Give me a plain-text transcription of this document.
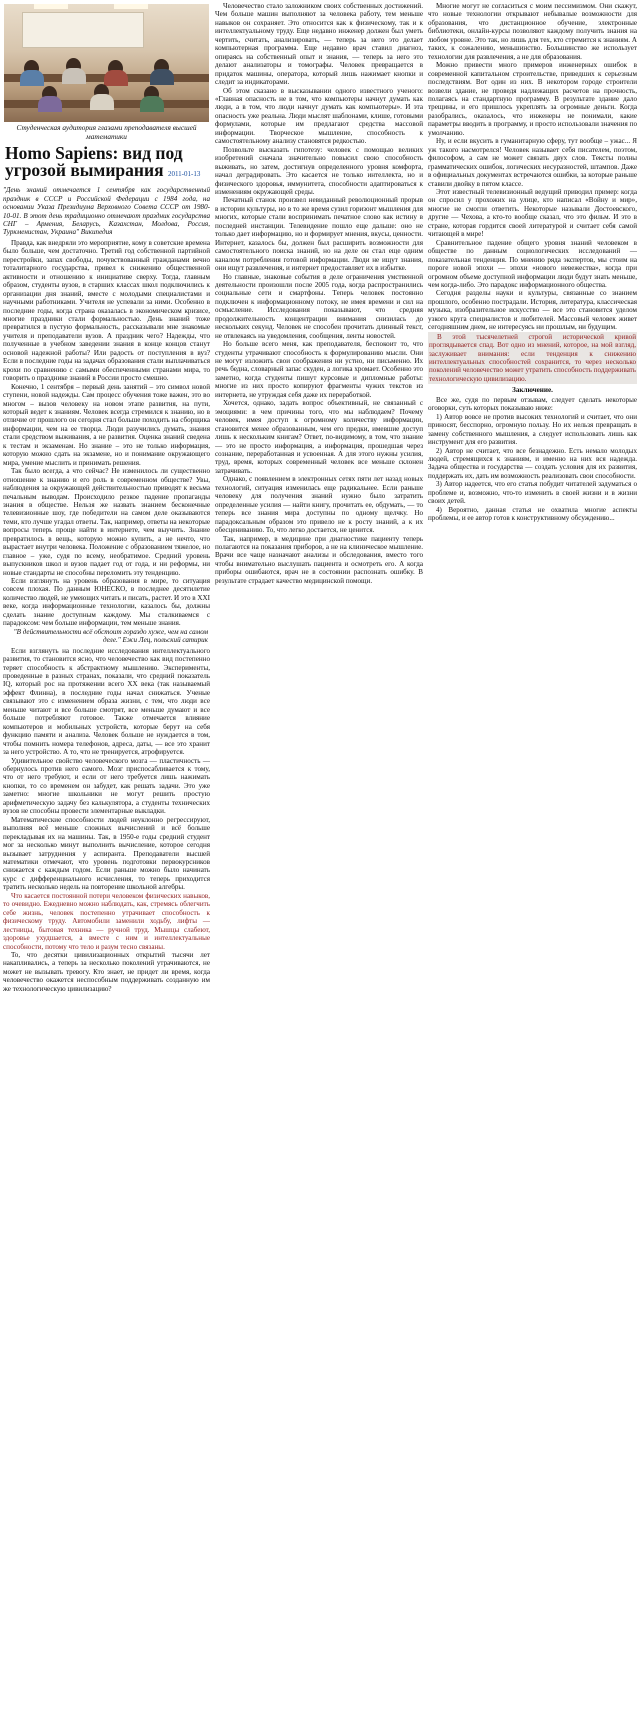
Студенческая аудитория глазами преподавателя высшей математики
Homo Sapiens: вид под угрозой вымирания 2011-01-13

"День знаний отмечается 1 сентября как государственный праздник в СССР и Российской Федерации с 1984 года, на основании Указа Президиума Верховного Совета СССР от 1980-10-01. В этот день традиционно отмечают праздник государства СНГ – Армения, Беларусь, Казахстан, Молдова, Россия, Туркменистан, Украина" Википедия

Правда, как внедряли это мероприятие, кому в советские времена было больше, чем достаточно. Третий год собственной партийной перестройки, запах свободы, почувствованный гражданами вечно тоталитарного государства, привел к снижению общественной активности и отношению к инициативе сверху. Тогда, главным образом, студенты вузов, в старших классах школ подключились к организации дня знаний, вместе с молодыми специалистами и научными работниками. Учителя не успевали за ними. Особенно в последние годы, когда страна оказалась в экономическом кризисе, многие праздники стали формальностью. День знаний тоже превратился в пустую формальность, рассказывали мне знакомые учителя и преподаватели вузов. А праздник чего? Надежды, что полученные в учебном заведении знания в конце концов станут основой надежной работы? Или радость от поступления в вуз? Если в последние годы на задачах образования стали выплачиваться крохи по сравнению с самыми обеспеченными странами мира, то говорить о празднике знаний в России просто смешно.

Конечно, 1 сентября – первый день занятий – это символ новой ступени, новой надежды. Сам процесс обучения тоже важен, это во многом – вызов человеку на новом этапе развития, на пути, который ведет к знаниям. Человек всегда стремился к знанию, но в отличие от прошлого он сегодня стал больше походить на сборщика информации, чем на ее творца. Люди разучились думать, знания стали средством выживания, а не развития. Оценка знаний сведена к тестам и экзаменам. Но знание – это не только информация, которую можно сдать на экзамене, но и понимание окружающего мира, умение мыслить и принимать решения.

Так было всегда, а что сейчас? Не изменилось ли существенно отношение к знанию и его роль в современном обществе? Увы, наблюдения за окружающей действительностью приводят к весьма печальным выводам. Происходило резкое падение пропаганды знания в обществе. Нельзя же назвать знанием бесконечные телевизионные шоу, где победители на самом деле оказываются теми, кто лучше угадал ответы. Так, например, ответы на некоторые вопросы теперь проще найти в интернете, чем выучить. Знание превратилось в вещь, которую можно купить, а не нечто, что вырастает внутри человека. Положение с образованием тяжелое, но главное – уже, судя по всему, необратимое. Средний уровень выпускников школ и вузов падает год от года, и ни реформы, ни новые стандарты не способны переломить эту тенденцию.

Если взглянуть на уровень образования в мире, то ситуация совсем плохая. По данным ЮНЕСКО, в последнее десятилетие количество людей, не умеющих читать и писать, растет. И это в XXI веке, когда информационные технологии, казалось бы, должны сделать знание доступным каждому. Мы сталкиваемся с парадоксом: чем больше информации, тем меньше знания.

"В действительности всё обстоит гораздо хуже, чем на самом деле." Ежи Лец, польский сатирик

Если взглянуть на последние исследования интеллектуального развития, то становится ясно, что человечество как вид постепенно теряет способность к абстрактному мышлению. Эксперименты, проведенные в разных странах, показали, что средний показатель IQ, который рос на протяжении всего XX века (так называемый эффект Флинна), в последние годы начал снижаться. Ученые связывают это с изменением образа жизни, с тем, что люди все меньше читают и все больше смотрят, все меньше думают и все больше потребляют готовое. Также отмечается влияние компьютеров и мобильных устройств, которые берут на себя функцию памяти и анализа. Человек больше не нуждается в том, чтобы помнить номера телефонов, адреса, даты, — все это хранит за него устройство. А то, что не тренируется, атрофируется.

Удивительное свойство человеческого мозга — пластичность — обернулось против него самого. Мозг приспосабливается к тому, что от него требуют, и если от него требуется лишь нажимать кнопки, то со временем он забудет, как решать задачи. Это уже заметно: многие школьники не могут решить простую арифметическую задачу без калькулятора, а студенты технических вузов не способны провести элементарные выкладки.

Математические способности людей неуклонно регрессируют, выполняя всё меньше сложных вычислений и всё больше перекладывая их на машины. Так, в 1950-е годы средний студент мог за несколько минут выполнить вычисление, которое сегодня вызывает затруднения у аспиранта. Преподаватели высшей математики отмечают, что уровень подготовки первокурсников снижается с каждым годом. Если раньше можно было начинать курс с дифференциального исчисления, то теперь приходится тратить несколько недель на повторение школьной алгебры.

Что касается постоянной потери человеком физических навыков, то очевидно. Ежедневно можно наблюдать, как, стремясь облегчить себе жизнь, человек постепенно утрачивает способность к физическому труду. Автомобили заменили ходьбу, лифты — лестницы, бытовая техника — ручной труд. Мышцы слабеют, здоровье ухудшается, а вместе с ним и интеллектуальные способности, потому что тело и разум тесно связаны.

То, что десятки цивилизационных открытий тысячи лет накапливались, а теперь за несколько поколений утрачиваются, не может не вызывать тревогу. Кто знает, не придет ли время, когда человечество окажется неспособным поддерживать созданную им же технологическую цивилизацию?

Человечество стало заложником своих собственных достижений. Чем больше машин выполняют за человека работу, тем меньше навыков он сохраняет. Это относится как к физическому, так и к интеллектуальному труду. Еще недавно инженер должен был уметь чертить, считать, анализировать, — теперь за него это делает компьютерная программа. Еще недавно врач ставил диагноз, опираясь на собственный опыт и знания, — теперь за него это делают анализаторы и томографы. Человек превращается в придаток машины, оператора, который лишь нажимает кнопки и следит за индикаторами.

Об этом сказано в высказывании одного известного ученого: «Главная опасность не в том, что компьютеры начнут думать как люди, а в том, что люди начнут думать как компьютеры». И эта опасность уже реальна. Люди мыслят шаблонами, клише, готовыми формулами, которые им предлагают средства массовой информации. Творческое мышление, способность к самостоятельному анализу становятся редкостью.

Позвольте высказать гипотезу: человек с помощью великих изобретений сначала значительно повысил свою способность выживать, но затем, достигнув определенного уровня комфорта, начал деградировать. Это касается не только интеллекта, но и физического здоровья, иммунитета, способности адаптироваться к изменениям окружающей среды.

Печатный станок произвел невиданный революционный прорыв в истории культуры, но в то же время сузил горизонт мышления для многих, которые стали воспринимать печатное слово как истину в последней инстанции. Телевидение пошло еще дальше: оно не только дает информацию, но и формирует мнения, вкусы, ценности. Интернет, казалось бы, должен был расширить возможности для самостоятельного поиска знаний, но на деле он стал еще одним каналом потребления готовой информации. Люди не ищут знания, они ищут развлечения, и интернет предоставляет их в избытке.

Но главные, знаковые события в деле ограничения умственной деятельности произошли после 2005 года, когда распространились социальные сети и смартфоны. Теперь человек постоянно подключен к информационному потоку, не имея времени и сил на осмысление. Исследования показывают, что средняя продолжительность концентрации внимания снизилась до нескольких секунд. Человек не способен прочитать длинный текст, не отвлекаясь на уведомления, сообщения, ленты новостей.

Но больше всего меня, как преподавателя, беспокоит то, что студенты утрачивают способность к формулированию мысли. Они не могут изложить свои соображения ни устно, ни письменно. Их речь бедна, словарный запас скуден, а логика хромает. Особенно это заметно, когда студенты пишут курсовые и дипломные работы: многие из них просто копируют фрагменты чужих текстов из интернета, не утруждая себя даже их переработкой.

Хочется, однако, задать вопрос объективный, не связанный с эмоциями: в чем причины того, что мы наблюдаем? Почему человек, имея доступ к огромному количеству информации, становится менее образованным, чем его предки, имевшие доступ лишь к нескольким книгам? Ответ, по-видимому, в том, что знание — это не просто информация, а информация, прошедшая через сознание, переработанная и усвоенная. А для этого нужны усилия, труд, время, которых современный человек все меньше склонен затрачивать.

Однако, с появлением в электронных сетях пяти лет назад новых технологий, ситуация изменилась еще радикальнее. Если раньше человеку для получения знаний нужно было затратить определенные усилия — найти книгу, прочитать ее, обдумать, — то теперь все знания мира доступны по одному щелчку. Но парадоксальным образом это привело не к росту знаний, а к их обесцениванию. То, что легко достается, не ценится.

Так, например, в медицине при диагностике пациенту теперь полагаются на показания приборов, а не на клиническое мышление. Врачи все чаще назначают анализы и обследования, вместо того чтобы внимательно выслушать пациента и осмотреть его. А когда приборы ошибаются, врач не в состоянии распознать ошибку. В результате страдает качество медицинской помощи.

Многие могут не согласиться с моим пессимизмом. Они скажут, что новые технологии открывают небывалые возможности для образования, что дистанционное обучение, электронные библиотеки, онлайн-курсы позволяют каждому получить знания на любом уровне. Это так, но лишь для тех, кто стремится к знаниям. А таких, к сожалению, меньшинство. Большинство же использует технологии для развлечения, а не для образования.

Можно привести много примеров инженерных ошибок в современной капитальном строительстве, приведших к серьезным последствиям. Вот один из них. В некотором городе строители возвели здание, не проведя надлежащих расчетов на прочность, полагаясь на стандартную программу. В результате здание дало трещины, и его пришлось укреплять за огромные деньги. Когда разобрались, оказалось, что инженеры не понимали, какие параметры вводить в программу, и просто использовали значения по умолчанию.

Ну, и если вкусить в гуманитарную сферу, тут вообще – ужас... Я уж такого насмотрелся! Человек называет себя писателем, поэтом, философом, а сам не может связать двух слов. Тексты полны грамматических ошибок, логических несуразностей, штампов. Даже в официальных документах встречаются ошибки, за которые раньше ставили двойку в пятом классе.

Этот известный телевизионный ведущий приводил пример: когда он спросил у прохожих на улице, кто написал «Войну и мир», многие не смогли ответить. Некоторые называли Достоевского, другие — Чехова, а кто-то вообще сказал, что это фильм. И это в стране, которая гордится своей литературой и считает себя самой читающей в мире!

Сравнительное падение общего уровня знаний человеком в обществе по данным социологических исследований — показательная тенденция. По мнению ряда экспертов, мы стоим на пороге новой эпохи — эпохи «нового невежества», когда при огромном объеме доступной информации люди будут знать меньше, чем когда-либо. Это парадокс информационного общества.

Сегодня разделы науки и культуры, связанные со знанием прошлого, особенно пострадали. История, литература, классическая музыка, изобразительное искусство — все это становится уделом узкого круга специалистов и любителей. Массовый человек живет сегодняшним днем, не интересуясь ни прошлым, ни будущим.

В этой тысячелетней строгой исторической кривой проглядывается спад. Вот одно из мнений, которое, на мой взгляд, заслуживает внимания: если тенденция к снижению интеллектуальных способностей сохранится, то через несколько поколений человечество может утратить способность поддерживать технологическую цивилизацию.

Заключение.

Все же, судя по первым отзывам, следует сделать некоторые оговорки, суть которых показываю ниже:

1) Автор вовсе не против высоких технологий и считает, что они приносят, бесспорно, огромную пользу. Но их нельзя превращать в замену собственного мышления, а следует использовать лишь как инструмент для его развития.

2) Автор не считает, что все безнадежно. Есть немало молодых людей, стремящихся к знаниям, и именно на них вся надежда. Задача общества и государства — создать условия для их развития, поддержать их, дать им возможность реализовать свои способности.

3) Автор надеется, что его статья побудит читателей задуматься о проблеме и, возможно, что-то изменить в своей жизни и в жизни своих детей.

4) Вероятно, данная статья не охватила многие аспекты проблемы, и ее автор готов к конструктивному обсуждению...
